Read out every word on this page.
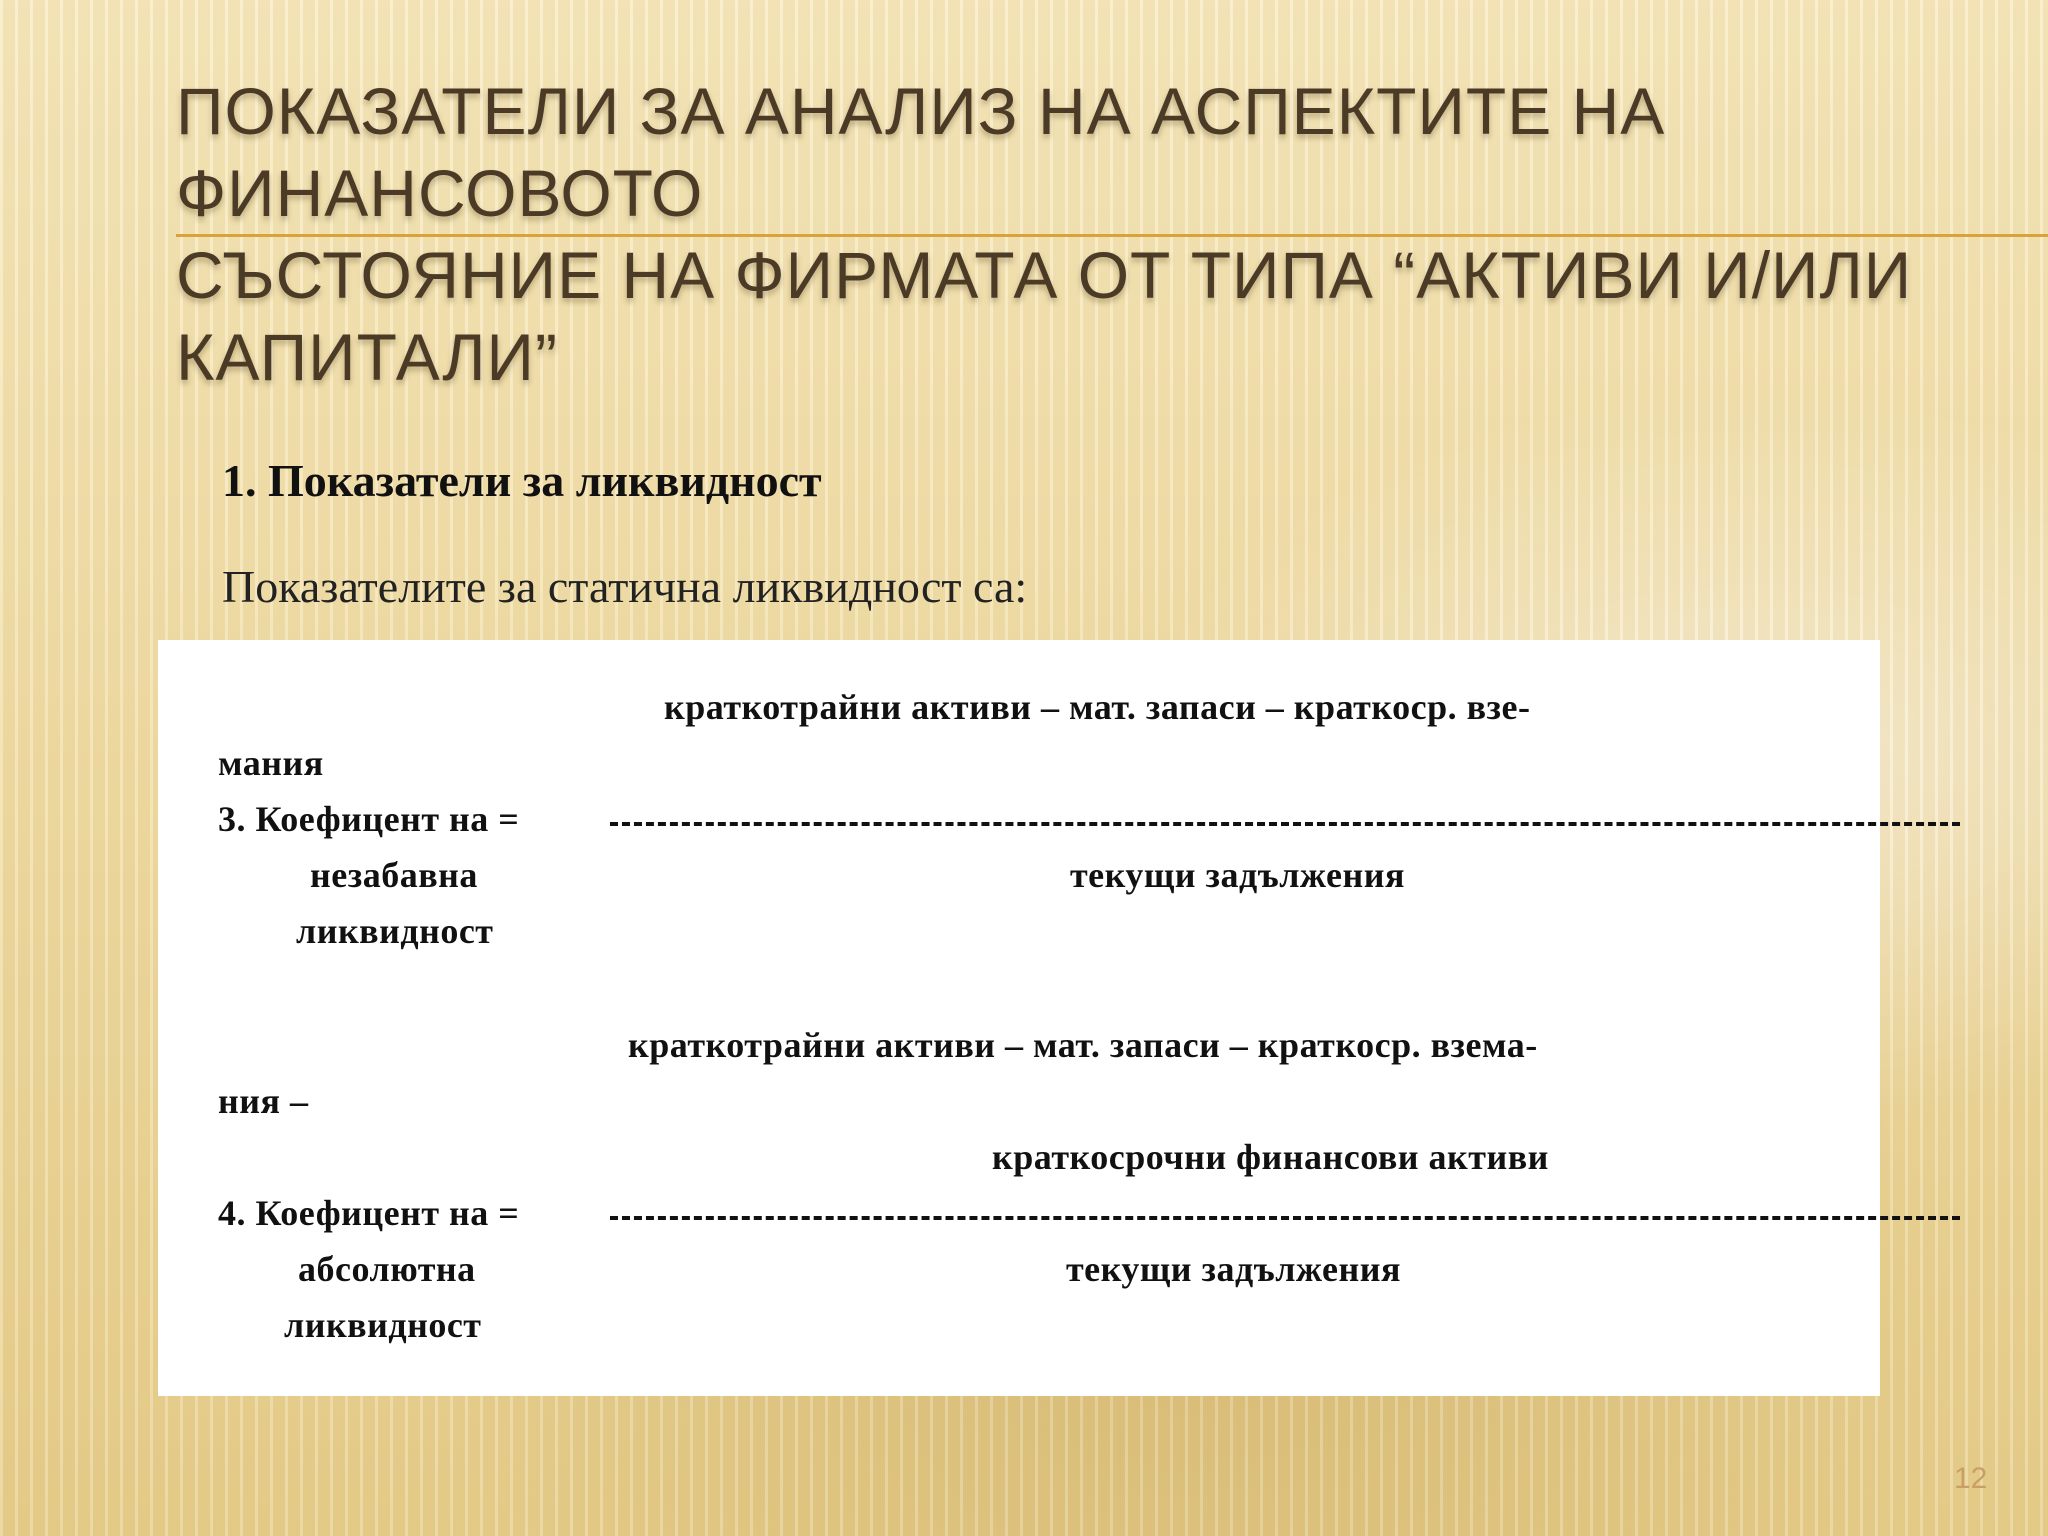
ПОКАЗАТЕЛИ ЗА АНАЛИЗ НА АСПЕКТИТЕ НА
ФИНАНСОВОТО
СЪСТОЯНИЕ НА ФИРМАТА ОТ ТИПА “АКТИВИ И/ИЛИ
КАПИТАЛИ”
1. Показатели за ликвидност
Показателите за статична ликвидност са:
краткотрайни активи – мат. запаси – краткоср. взе-
мания
3. Коефицент на =
незабавна	текущи задължения
ликвидност
краткотрайни активи – мат. запаси – краткоср. взема-
ния –
краткосрочни финансови активи
4. Коефицент на =
абсолютна	текущи задължения
ликвидност
12
